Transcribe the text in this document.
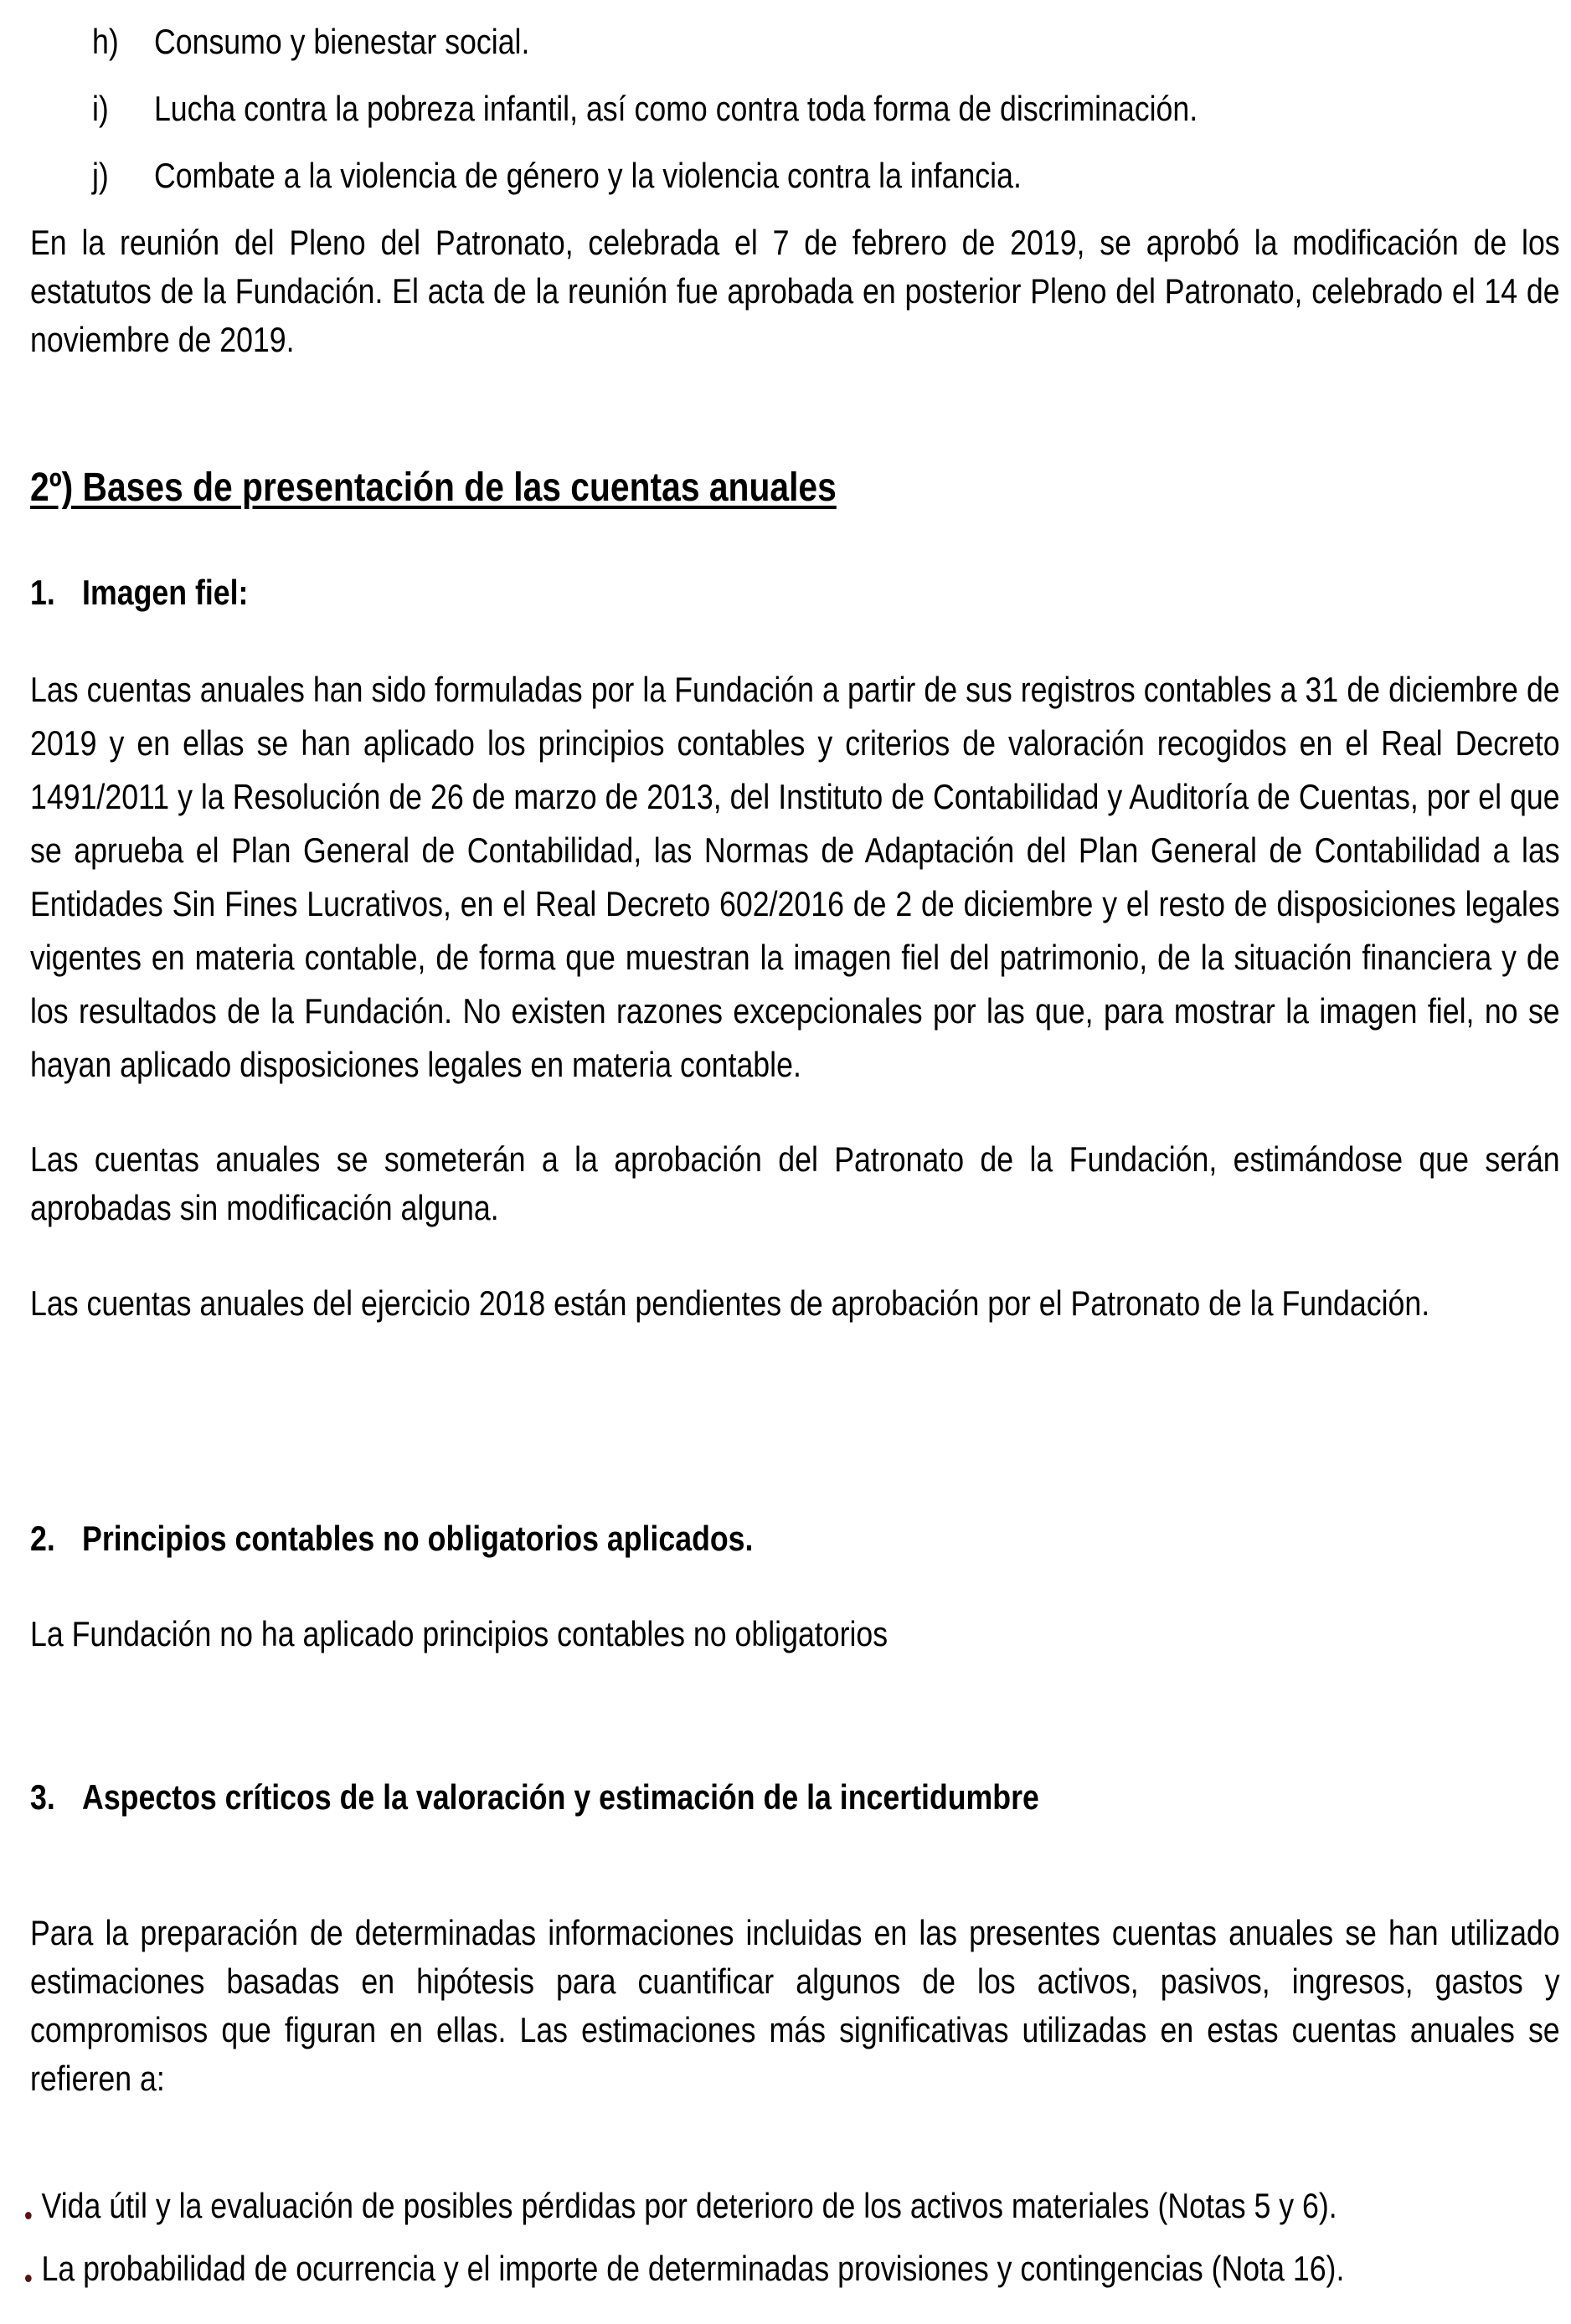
h) Consumo y bienestar social.
i) Lucha contra la pobreza infantil, así como contra toda forma de discriminación.
j) Combate a la violencia de género y la violencia contra la infancia.
En la reunión del Pleno del Patronato, celebrada el 7 de febrero de 2019, se aprobó la modificación de los estatutos de la Fundación. El acta de la reunión fue aprobada en posterior Pleno del Patronato, celebrado el 14 de noviembre de 2019.
2º) Bases de presentación de las cuentas anuales
1. Imagen fiel:
Las cuentas anuales han sido formuladas por la Fundación a partir de sus registros contables a 31 de diciembre de 2019 y en ellas se han aplicado los principios contables y criterios de valoración recogidos en el Real Decreto 1491/2011 y la Resolución de 26 de marzo de 2013, del Instituto de Contabilidad y Auditoría de Cuentas, por el que se aprueba el Plan General de Contabilidad, las Normas de Adaptación del Plan General de Contabilidad a las Entidades Sin Fines Lucrativos, en el Real Decreto 602/2016 de 2 de diciembre y el resto de disposiciones legales vigentes en materia contable, de forma que muestran la imagen fiel del patrimonio, de la situación financiera y de los resultados de la Fundación. No existen razones excepcionales por las que, para mostrar la imagen fiel, no se hayan aplicado disposiciones legales en materia contable.
Las cuentas anuales se someterán a la aprobación del Patronato de la Fundación, estimándose que serán aprobadas sin modificación alguna.
Las cuentas anuales del ejercicio 2018 están pendientes de aprobación por el Patronato de la Fundación.
2. Principios contables no obligatorios aplicados.
La Fundación no ha aplicado principios contables no obligatorios
3. Aspectos críticos de la valoración y estimación de la incertidumbre
Para la preparación de determinadas informaciones incluidas en las presentes cuentas anuales se han utilizado estimaciones basadas en hipótesis para cuantificar algunos de los activos, pasivos, ingresos, gastos y compromisos que figuran en ellas. Las estimaciones más significativas utilizadas en estas cuentas anuales se refieren a:
Vida útil y la evaluación de posibles pérdidas por deterioro de los activos materiales (Notas 5 y 6).
La probabilidad de ocurrencia y el importe de determinadas provisiones y contingencias (Nota 16).
